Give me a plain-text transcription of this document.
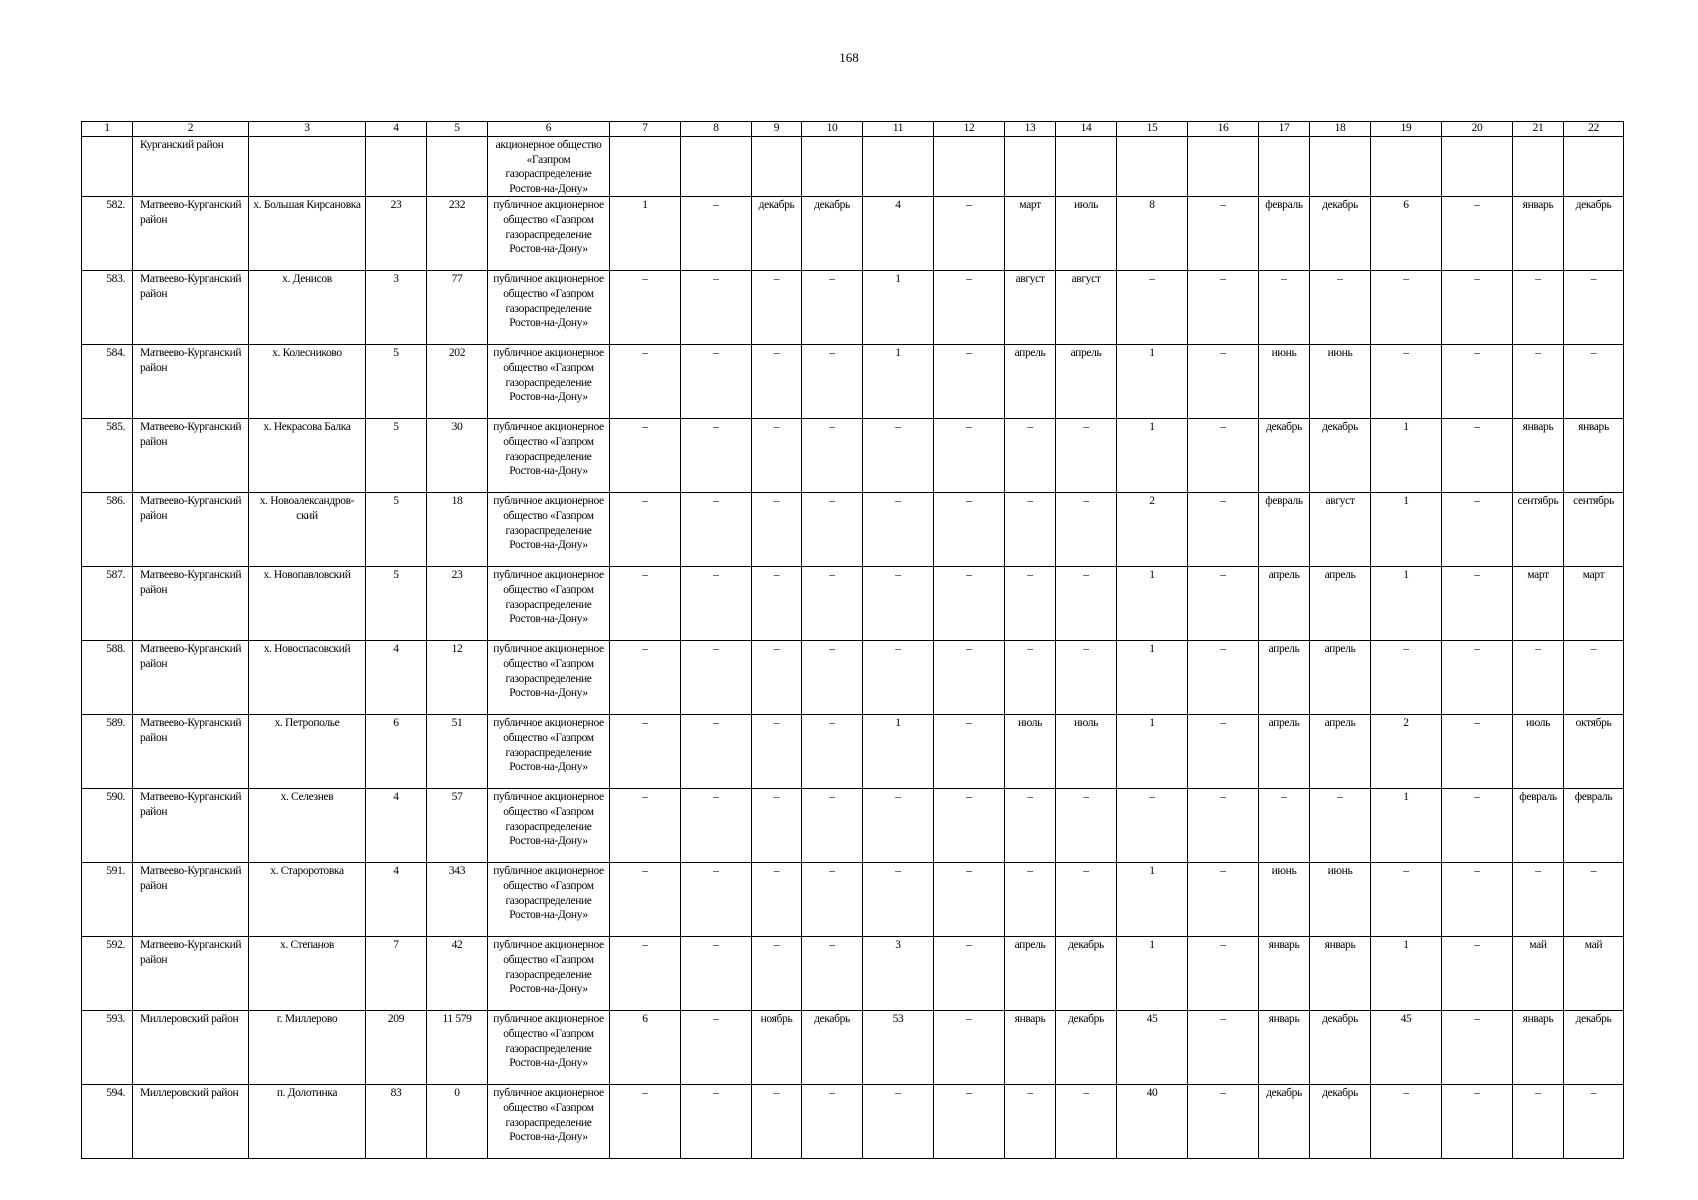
168
1	2	3	4	5	6	7	8	9	10	11	12	13	14	15	16	17	18	19	20	21	22
	Курганский район				акционерное общество «Газпром газораспределение Ростов-на-Дону»																
582.	Матвеево-Курганский район	х. Большая Кирсановка	23	232	публичное акционерное общество «Газпром газораспределение Ростов-на-Дону»	1	–	декабрь	декабрь	4	–	март	июль	8	–	февраль	декабрь	6	–	январь	декабрь
583.	Матвеево-Курганский район	х. Денисов	3	77	публичное акционерное общество «Газпром газораспределение Ростов-на-Дону»	–	–	–	–	1	–	август	август	–	–	–	–	–	–	–	–
584.	Матвеево-Курганский район	х. Колесниково	5	202	публичное акционерное общество «Газпром газораспределение Ростов-на-Дону»	–	–	–	–	1	–	апрель	апрель	1	–	июнь	июнь	–	–	–	–
585.	Матвеево-Курганский район	х. Некрасова Балка	5	30	публичное акционерное общество «Газпром газораспределение Ростов-на-Дону»	–	–	–	–	–	–	–	–	1	–	декабрь	декабрь	1	–	январь	январь
586.	Матвеево-Курганский район	х. Новоалександров-ский	5	18	публичное акционерное общество «Газпром газораспределение Ростов-на-Дону»	–	–	–	–	–	–	–	–	2	–	февраль	август	1	–	сентябрь	сентябрь
587.	Матвеево-Курганский район	х. Новопавловский	5	23	публичное акционерное общество «Газпром газораспределение Ростов-на-Дону»	–	–	–	–	–	–	–	–	1	–	апрель	апрель	1	–	март	март
588.	Матвеево-Курганский район	х. Новоспасовский	4	12	публичное акционерное общество «Газпром газораспределение Ростов-на-Дону»	–	–	–	–	–	–	–	–	1	–	апрель	апрель	–	–	–	–
589.	Матвеево-Курганский район	х. Петрополье	6	51	публичное акционерное общество «Газпром газораспределение Ростов-на-Дону»	–	–	–	–	1	–	июль	июль	1	–	апрель	апрель	2	–	июль	октябрь
590.	Матвеево-Курганский район	х. Селезнев	4	57	публичное акционерное общество «Газпром газораспределение Ростов-на-Дону»	–	–	–	–	–	–	–	–	–	–	–	–	1	–	февраль	февраль
591.	Матвеево-Курганский район	х. Староротовка	4	343	публичное акционерное общество «Газпром газораспределение Ростов-на-Дону»	–	–	–	–	–	–	–	–	1	–	июнь	июнь	–	–	–	–
592.	Матвеево-Курганский район	х. Степанов	7	42	публичное акционерное общество «Газпром газораспределение Ростов-на-Дону»	–	–	–	–	3	–	апрель	декабрь	1	–	январь	январь	1	–	май	май
593.	Миллеровский район	г. Миллерово	209	11 579	публичное акционерное общество «Газпром газораспределение Ростов-на-Дону»	6	–	ноябрь	декабрь	53	–	январь	декабрь	45	–	январь	декабрь	45	–	январь	декабрь
594.	Миллеровский район	п. Долотинка	83	0	публичное акционерное общество «Газпром газораспределение Ростов-на-Дону»	–	–	–	–	–	–	–	–	40	–	декабрь	декабрь	–	–	–	–
